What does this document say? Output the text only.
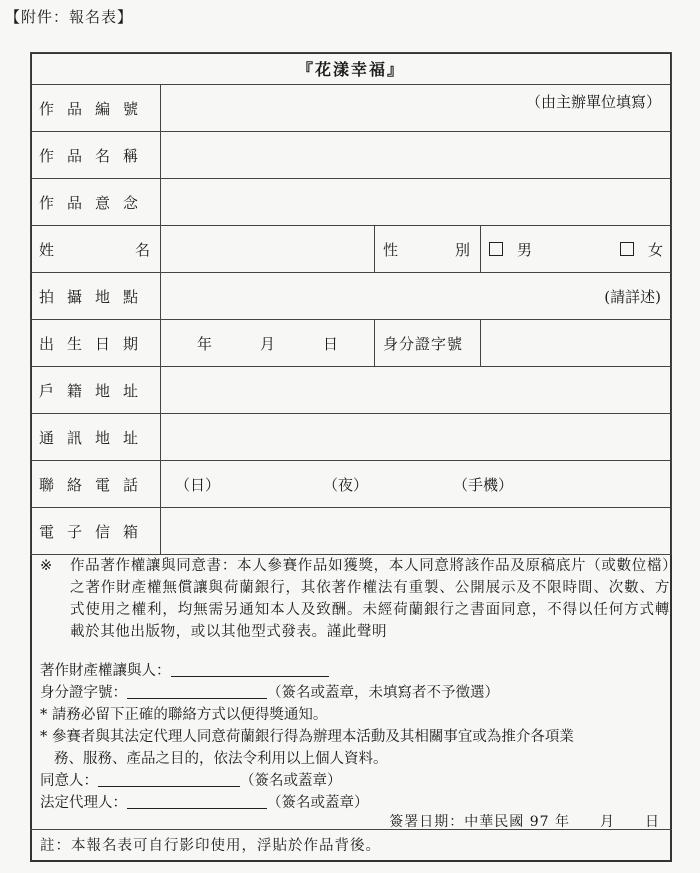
【附件：報名表】
『花漾幸福』			
作品編號	（由主辦單位填寫）		
作品名稱			
作品意念			

姓 名		性 別	男 女

拍攝地點	(請詳述)		
出生日期	年 月 日	身分證字號	
戶籍地址			
通訊地址			
聯絡電話	（日） （夜） （手機）		
電子信箱			
※	作品著作權讓與同意書：本人參賽作品如獲獎，本人同意將該作品及原稿底片（或數位檔）之著作財產權無償讓與荷蘭銀行，其依著作權法有重製、公開展示及不限時間、次數、方式使用之權利，均無需另通知本人及致酬。未經荷蘭銀行之書面同意，不得以任何方式轉載於其他出版物，或以其他型式發表。謹此聲明
著作財產權讓與人：
身分證字號：	（簽名或蓋章，未填寫者不予徵選）
* 請務必留下正確的聯絡方式以便得獎通知。
* 參賽者與其法定代理人同意荷蘭銀行得為辦理本活動及其相關事宜或為推介各項業
務、服務、產品之目的，依法令利用以上個人資料。
同意人：	（簽名或蓋章）
法定代理人：	（簽名或蓋章）
簽署日期：中華民國 97 年　　月　　日
註：本報名表可自行影印使用，浮貼於作品背後。
